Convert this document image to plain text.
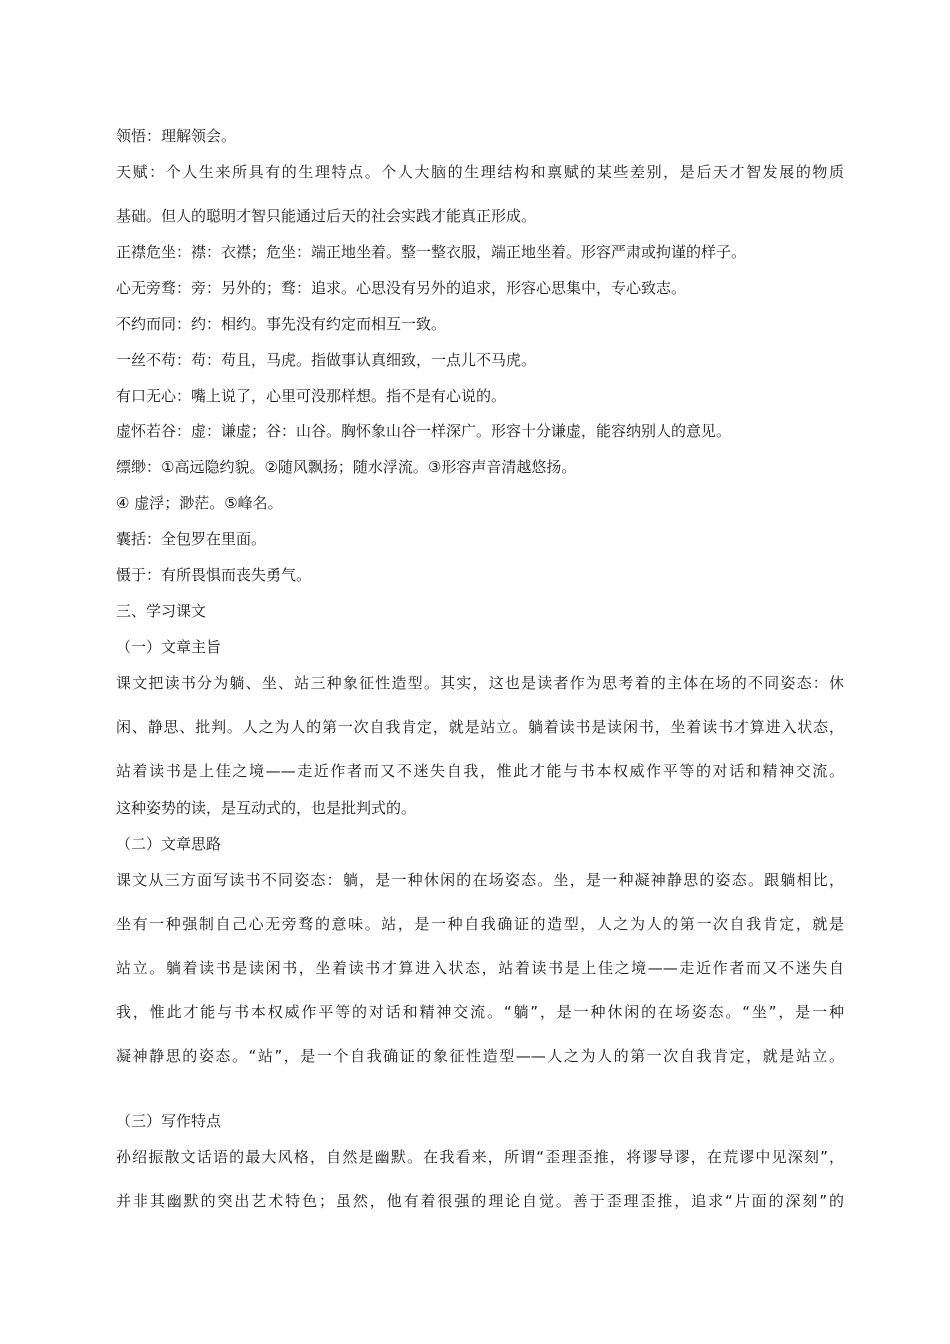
领悟：理解领会。
天赋：个人生来所具有的生理特点。个人大脑的生理结构和禀赋的某些差别，是后天才智发展的物质
基础。但人的聪明才智只能通过后天的社会实践才能真正形成。
正襟危坐：襟：衣襟；危坐：端正地坐着。整一整衣服，端正地坐着。形容严肃或拘谨的样子。
心无旁骛：旁：另外的；骛：追求。心思没有另外的追求，形容心思集中，专心致志。
不约而同：约：相约。事先没有约定而相互一致。
一丝不苟：苟：苟且，马虎。指做事认真细致，一点儿不马虎。
有口无心：嘴上说了，心里可没那样想。指不是有心说的。
虚怀若谷：虚：谦虚；谷：山谷。胸怀象山谷一样深广。形容十分谦虚，能容纳别人的意见。
缥缈：①高远隐约貌。②随风飘扬；随水浮流。③形容声音清越悠扬。
④ 虚浮；渺茫。⑤峰名。
囊括：全包罗在里面。
慑于：有所畏惧而丧失勇气。
三、学习课文
（一）文章主旨
课文把读书分为躺、坐、站三种象征性造型。其实，这也是读者作为思考着的主体在场的不同姿态：休
闲、静思、批判。人之为人的第一次自我肯定，就是站立。躺着读书是读闲书，坐着读书才算进入状态，
站着读书是上佳之境——走近作者而又不迷失自我，惟此才能与书本权威作平等的对话和精神交流。
这种姿势的读，是互动式的，也是批判式的。
（二）文章思路
课文从三方面写读书不同姿态：躺，是一种休闲的在场姿态。坐，是一种凝神静思的姿态。跟躺相比，
坐有一种强制自己心无旁骛的意味。站，是一种自我确证的造型，人之为人的第一次自我肯定，就是
站立。躺着读书是读闲书，坐着读书才算进入状态，站着读书是上佳之境——走近作者而又不迷失自
我，惟此才能与书本权威作平等的对话和精神交流。“躺”，是一种休闲的在场姿态。“坐”，是一种
凝神静思的姿态。“站”，是一个自我确证的象征性造型——人之为人的第一次自我肯定，就是站立。
（三）写作特点
孙绍振散文话语的最大风格，自然是幽默。在我看来，所谓“歪理歪推，将谬导谬，在荒谬中见深刻”，
并非其幽默的突出艺术特色；虽然，他有着很强的理论自觉。善于歪理歪推，追求“片面的深刻”的
